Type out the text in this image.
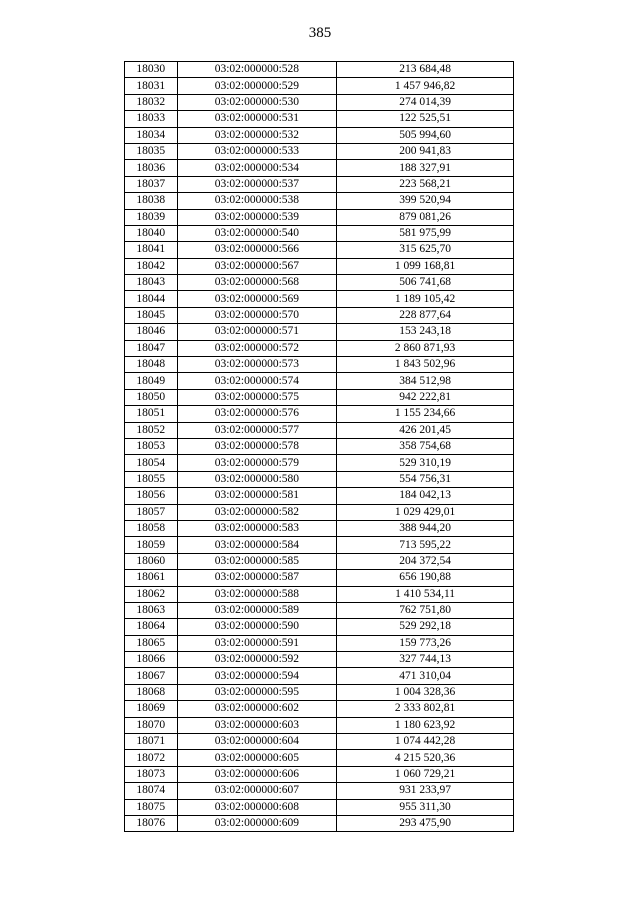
385
18030	03:02:000000:528	213 684,48
18031	03:02:000000:529	1 457 946,82
18032	03:02:000000:530	274 014,39
18033	03:02:000000:531	122 525,51
18034	03:02:000000:532	505 994,60
18035	03:02:000000:533	200 941,83
18036	03:02:000000:534	188 327,91
18037	03:02:000000:537	223 568,21
18038	03:02:000000:538	399 520,94
18039	03:02:000000:539	879 081,26
18040	03:02:000000:540	581 975,99
18041	03:02:000000:566	315 625,70
18042	03:02:000000:567	1 099 168,81
18043	03:02:000000:568	506 741,68
18044	03:02:000000:569	1 189 105,42
18045	03:02:000000:570	228 877,64
18046	03:02:000000:571	153 243,18
18047	03:02:000000:572	2 860 871,93
18048	03:02:000000:573	1 843 502,96
18049	03:02:000000:574	384 512,98
18050	03:02:000000:575	942 222,81
18051	03:02:000000:576	1 155 234,66
18052	03:02:000000:577	426 201,45
18053	03:02:000000:578	358 754,68
18054	03:02:000000:579	529 310,19
18055	03:02:000000:580	554 756,31
18056	03:02:000000:581	184 042,13
18057	03:02:000000:582	1 029 429,01
18058	03:02:000000:583	388 944,20
18059	03:02:000000:584	713 595,22
18060	03:02:000000:585	204 372,54
18061	03:02:000000:587	656 190,88
18062	03:02:000000:588	1 410 534,11
18063	03:02:000000:589	762 751,80
18064	03:02:000000:590	529 292,18
18065	03:02:000000:591	159 773,26
18066	03:02:000000:592	327 744,13
18067	03:02:000000:594	471 310,04
18068	03:02:000000:595	1 004 328,36
18069	03:02:000000:602	2 333 802,81
18070	03:02:000000:603	1 180 623,92
18071	03:02:000000:604	1 074 442,28
18072	03:02:000000:605	4 215 520,36
18073	03:02:000000:606	1 060 729,21
18074	03:02:000000:607	931 233,97
18075	03:02:000000:608	955 311,30
18076	03:02:000000:609	293 475,90
